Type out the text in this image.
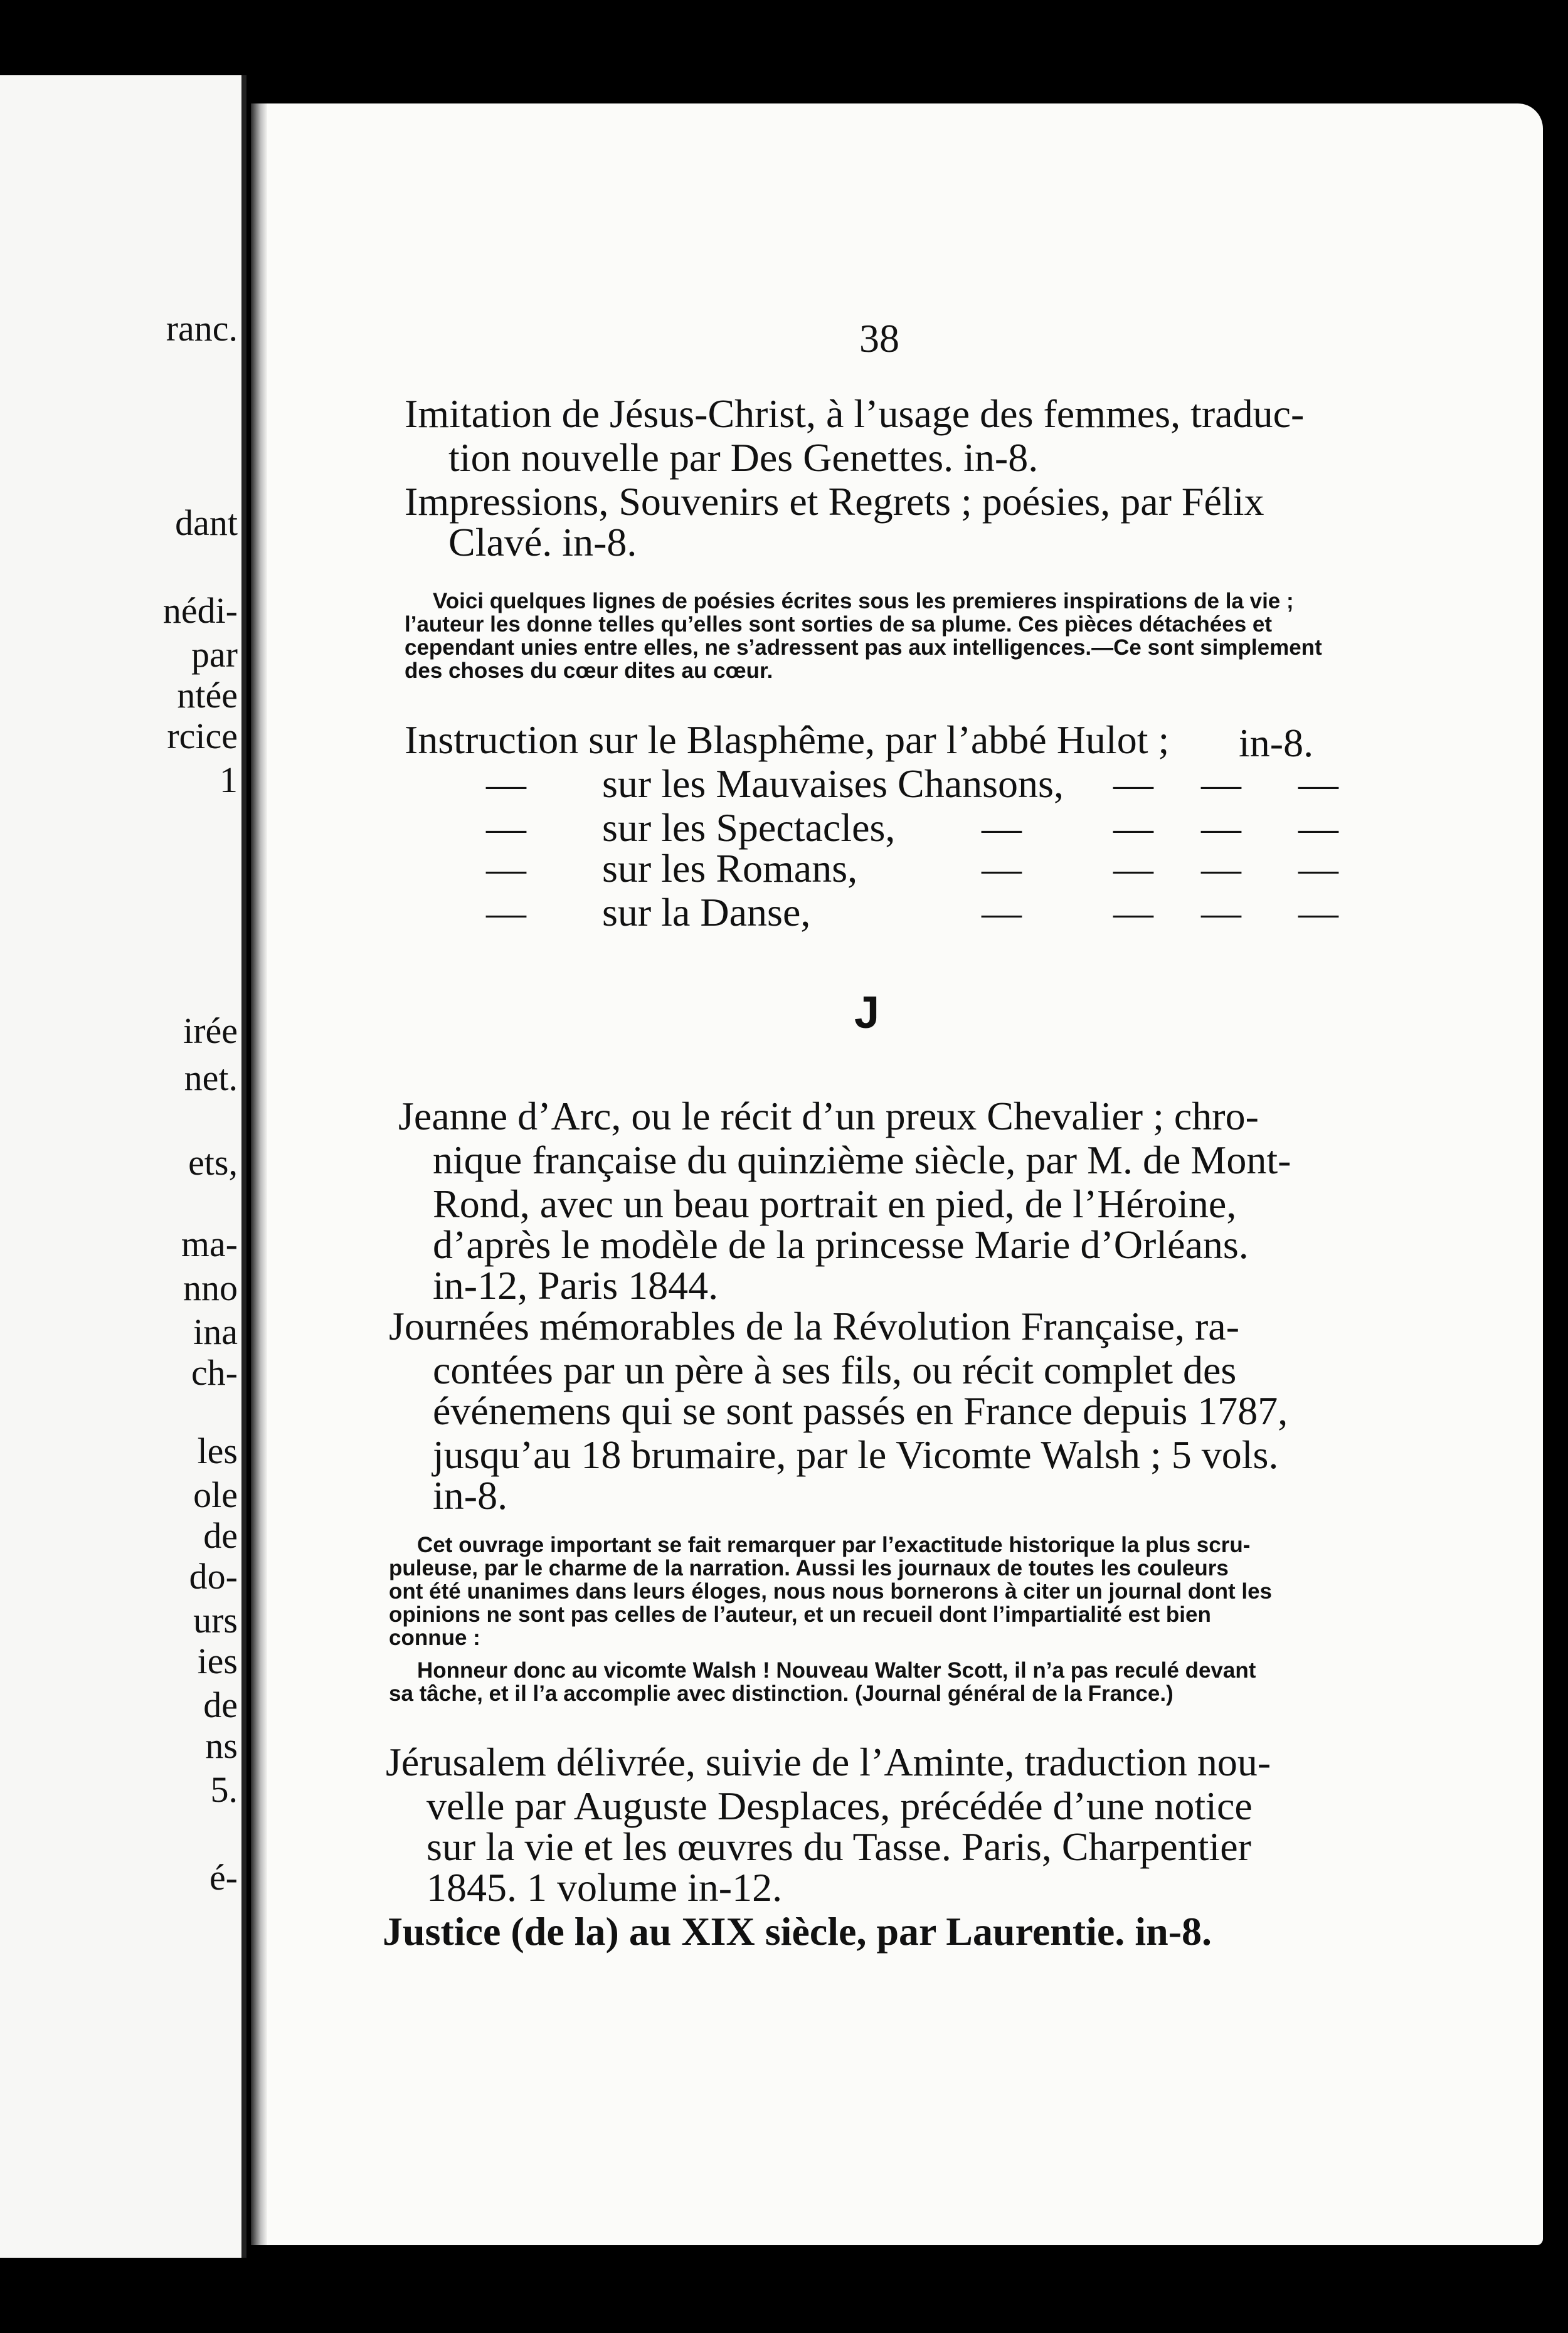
ranc.
dant
nédi-
par
ntée
rcice
1
irée
net.
ets,
ma-
nno
ina
ch-
les
ole
de
do-
urs
ies
de
ns
5.
é-
38
Imitation de Jésus-Christ, à l’usage des femmes, traduc-
tion nouvelle par Des Genettes. in-8.
Impressions, Souvenirs et Regrets ; poésies, par Félix
Clavé. in-8.
Voici quelques lignes de poésies écrites sous les premieres inspirations de la vie ;
l’auteur les donne telles qu’elles sont sorties de sa plume. Ces pièces détachées et
cependant unies entre elles, ne s’adressent pas aux intelligences.—Ce sont simplement
des choses du cœur dites au cœur.
Instruction sur le Blasphême, par l’abbé Hulot ; in-8.
— sur les Mauvaises Chansons,
— sur les Spectacles,
— sur les Romans,
— sur la Danse,
— — —
— — — —
— — — —
— — — —
J
Jeanne d’Arc, ou le récit d’un preux Chevalier ; chro-
nique française du quinzième siècle, par M. de Mont-
Rond, avec un beau portrait en pied, de l’Héroine,
d’après le modèle de la princesse Marie d’Orléans.
in-12, Paris 1844.
Journées mémorables de la Révolution Française, ra-
contées par un père à ses fils, ou récit complet des
événemens qui se sont passés en France depuis 1787,
jusqu’au 18 brumaire, par le Vicomte Walsh ; 5 vols.
in-8.
Cet ouvrage important se fait remarquer par l’exactitude historique la plus scru-
puleuse, par le charme de la narration. Aussi les journaux de toutes les couleurs
ont été unanimes dans leurs éloges, nous nous bornerons à citer un journal dont les
opinions ne sont pas celles de l’auteur, et un recueil dont l’impartialité est bien
connue :
Honneur donc au vicomte Walsh ! Nouveau Walter Scott, il n’a pas reculé devant
sa tâche, et il l’a accomplie avec distinction. (Journal général de la France.)
Jérusalem délivrée, suivie de l’Aminte, traduction nou-
velle par Auguste Desplaces, précédée d’une notice
sur la vie et les œuvres du Tasse. Paris, Charpentier
1845. 1 volume in-12.
Justice (de la) au XIX siècle, par Laurentie. in-8.
